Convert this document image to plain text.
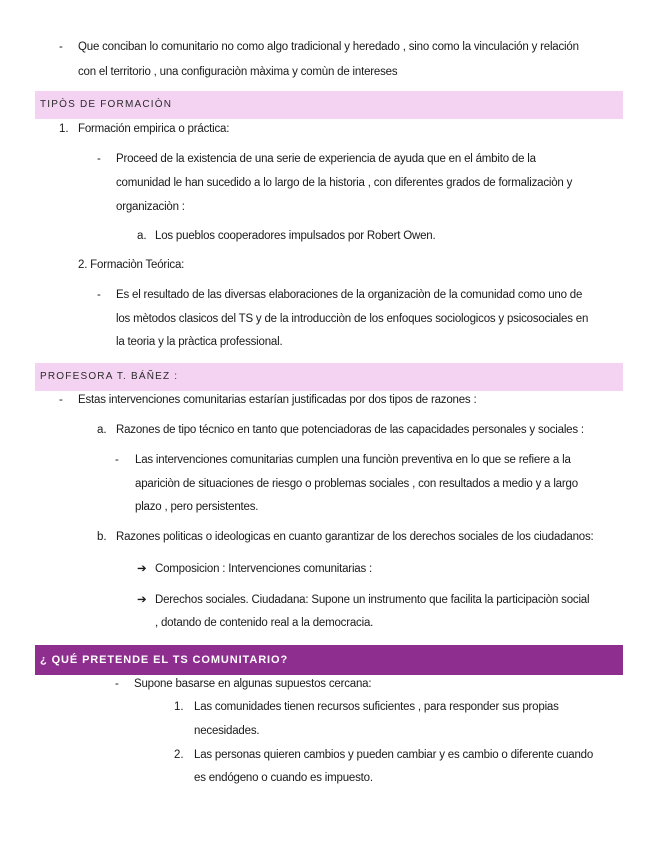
- Que conciban lo comunitario no como algo tradicional y heredado , sino como la vinculación y relación
con el territorio , una configuraciòn màxima y comùn de intereses
TIPÒS DE FORMACIÒN
1. Formación empirica o práctica:
- Proceed de la existencia de una serie de experiencia de ayuda que en el ámbito de la
comunidad le han sucedido a lo largo de la historia , con diferentes grados de formalizaciòn y
organizaciòn :
a. Los pueblos cooperadores impulsados por Robert Owen.
2. Formaciòn Teórica:
- Es el resultado de las diversas elaboraciones de la organizaciòn de la comunidad como uno de
los mètodos clasicos del TS y de la introducciòn de los enfoques sociologicos y psicosociales en
la teoria y la pràctica professional.
PROFESORA T. BÁÑEZ :
- Estas intervenciones comunitarias estarían justificadas por dos tipos de razones :
a. Razones de tipo técnico en tanto que potenciadoras de las capacidades personales y sociales :
- Las intervenciones comunitarias cumplen una funciòn preventiva en lo que se refiere a la
apariciòn de situaciones de riesgo o problemas sociales , con resultados a medio y a largo
plazo , pero persistentes.
b. Razones politicas o ideologicas en cuanto garantizar de los derechos sociales de los ciudadanos:
➔ Composicion : Intervenciones comunitarias :
➔ Derechos sociales. Ciudadana: Supone un instrumento que facilita la participaciòn social
, dotando de contenido real a la democracia.
¿ QUÉ PRETENDE EL TS COMUNITARIO?
- Supone basarse en algunas supuestos cercana:
1. Las comunidades tienen recursos suficientes , para responder sus propias
necesidades.
2. Las personas quieren cambios y pueden cambiar y es cambio o diferente cuando
es endógeno o cuando es impuesto.
